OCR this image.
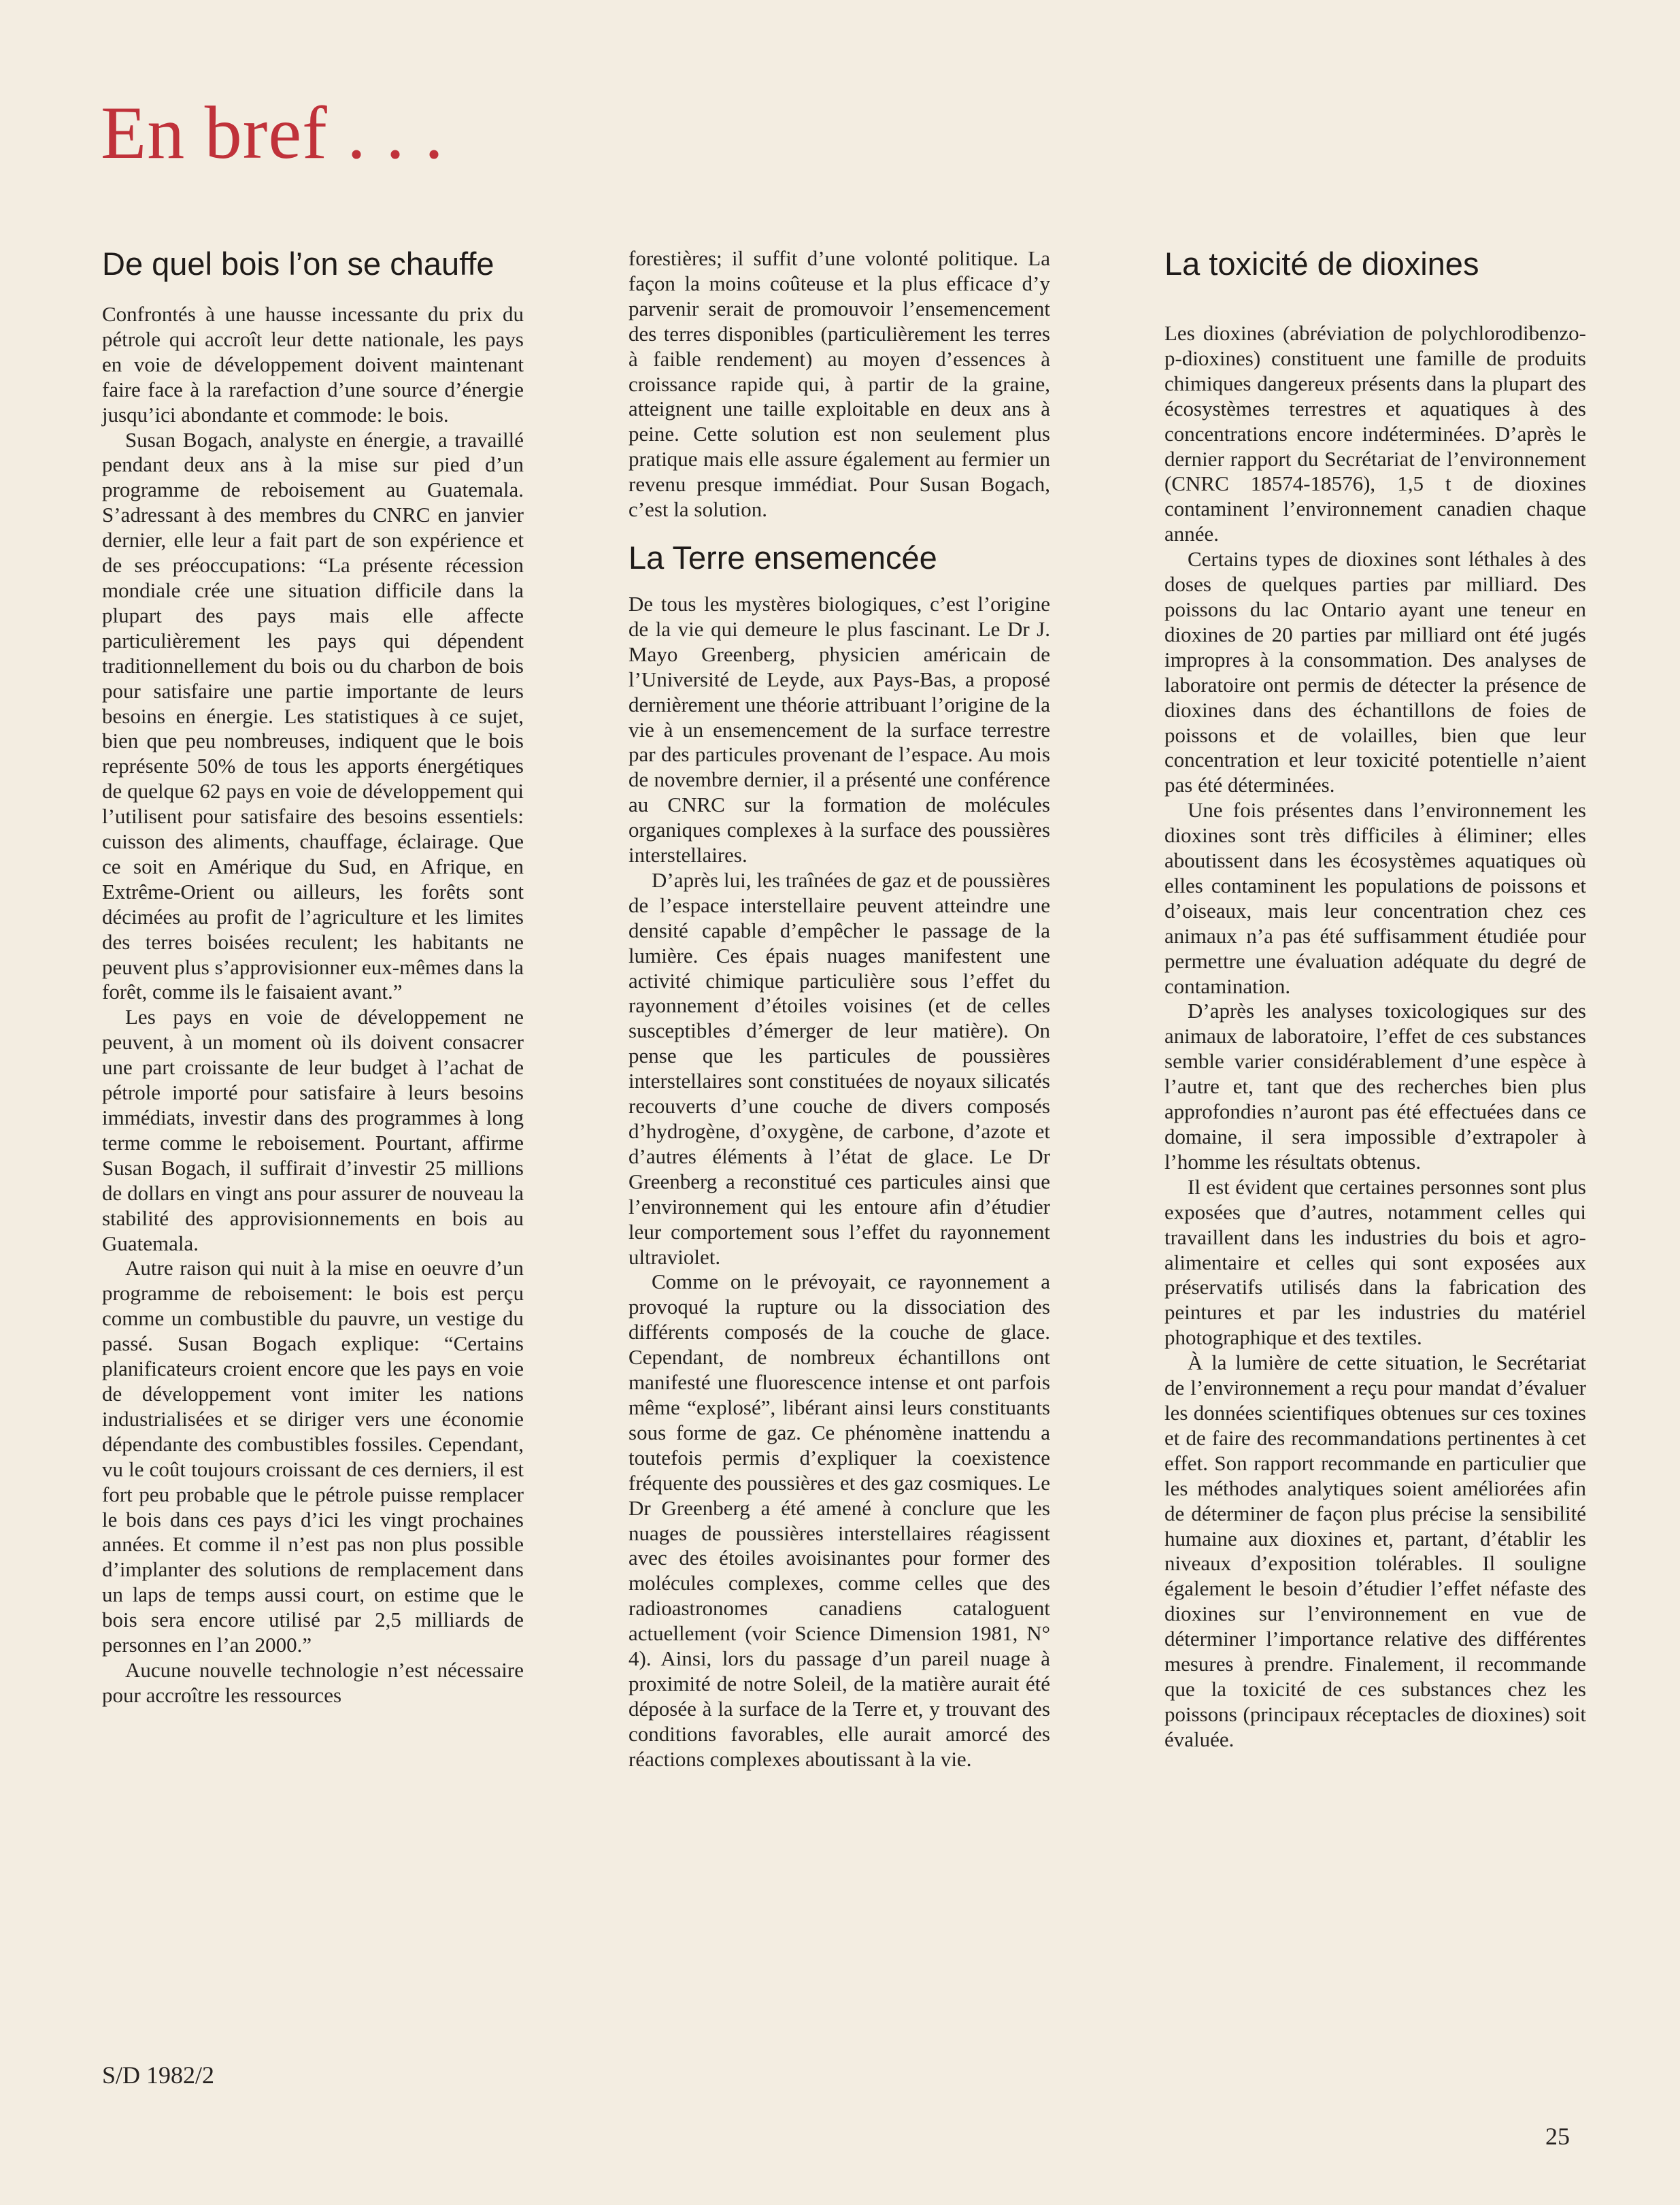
En bref . . .
De quel bois l’on se chauffe

Confrontés à une hausse incessante du prix du pétrole qui accroît leur dette nationale, les pays en voie de développement doivent maintenant faire face à la rarefaction d’une source d’énergie jusqu’ici abondante et commode: le bois.

Susan Bogach, analyste en énergie, a travaillé pendant deux ans à la mise sur pied d’un programme de reboisement au Guatemala. S’adressant à des membres du CNRC en janvier dernier, elle leur a fait part de son expérience et de ses préoccupations: “La présente récession mondiale crée une situation difficile dans la plupart des pays mais elle affecte particulièrement les pays qui dépendent traditionnellement du bois ou du charbon de bois pour satisfaire une partie importante de leurs besoins en énergie. Les statistiques à ce sujet, bien que peu nombreuses, indiquent que le bois représente 50% de tous les apports énergétiques de quelque 62 pays en voie de développement qui l’utilisent pour satisfaire des besoins essentiels: cuisson des aliments, chauffage, éclairage. Que ce soit en Amérique du Sud, en Afrique, en Extrême-Orient ou ailleurs, les forêts sont décimées au profit de l’agriculture et les limites des terres boisées reculent; les habitants ne peuvent plus s’approvisionner eux-mêmes dans la forêt, comme ils le faisaient avant.”

Les pays en voie de développement ne peuvent, à un moment où ils doivent consacrer une part croissante de leur budget à l’achat de pétrole importé pour satisfaire à leurs besoins immédiats, investir dans des programmes à long terme comme le reboisement. Pourtant, affirme Susan Bogach, il suffirait d’investir 25 millions de dollars en vingt ans pour assurer de nouveau la stabilité des approvisionnements en bois au Guatemala.

Autre raison qui nuit à la mise en oeuvre d’un programme de reboisement: le bois est perçu comme un combustible du pauvre, un vestige du passé. Susan Bogach explique: “Certains planificateurs croient encore que les pays en voie de développement vont imiter les nations industrialisées et se diriger vers une économie dépendante des combustibles fossiles. Cependant, vu le coût toujours croissant de ces derniers, il est fort peu probable que le pétrole puisse remplacer le bois dans ces pays d’ici les vingt prochaines années. Et comme il n’est pas non plus possible d’implanter des solutions de remplacement dans un laps de temps aussi court, on estime que le bois sera encore utilisé par 2,5 milliards de personnes en l’an 2000.”

Aucune nouvelle technologie n’est nécessaire pour accroître les ressources

forestières; il suffit d’une volonté politique. La façon la moins coûteuse et la plus efficace d’y parvenir serait de promouvoir l’ensemencement des terres disponibles (particulièrement les terres à faible rendement) au moyen d’essences à croissance rapide qui, à partir de la graine, atteignent une taille exploitable en deux ans à peine. Cette solution est non seulement plus pratique mais elle assure également au fermier un revenu presque immédiat. Pour Susan Bogach, c’est la solution.

La Terre ensemencée

De tous les mystères biologiques, c’est l’origine de la vie qui demeure le plus fascinant. Le Dr J. Mayo Greenberg, physicien américain de l’Université de Leyde, aux Pays-Bas, a proposé dernièrement une théorie attribuant l’origine de la vie à un ensemencement de la surface terrestre par des particules provenant de l’espace. Au mois de novembre dernier, il a présenté une conférence au CNRC sur la formation de molécules organiques complexes à la surface des poussières interstellaires.

D’après lui, les traînées de gaz et de poussières de l’espace interstellaire peuvent atteindre une densité capable d’empêcher le passage de la lumière. Ces épais nuages manifestent une activité chimique particulière sous l’effet du rayonnement d’étoiles voisines (et de celles susceptibles d’émerger de leur matière). On pense que les particules de poussières interstellaires sont constituées de noyaux silicatés recouverts d’une couche de divers composés d’hydrogène, d’oxygène, de carbone, d’azote et d’autres éléments à l’état de glace. Le Dr Greenberg a reconstitué ces particules ainsi que l’environnement qui les entoure afin d’étudier leur comportement sous l’effet du rayonnement ultraviolet.

Comme on le prévoyait, ce rayonnement a provoqué la rupture ou la dissociation des différents composés de la couche de glace. Cependant, de nombreux échantillons ont manifesté une fluorescence intense et ont parfois même “explosé”, libérant ainsi leurs constituants sous forme de gaz. Ce phénomène inattendu a toutefois permis d’expliquer la coexistence fréquente des poussières et des gaz cosmiques. Le Dr Greenberg a été amené à conclure que les nuages de poussières interstellaires réagissent avec des étoiles avoisinantes pour former des molécules complexes, comme celles que des radioastronomes canadiens catalоguent actuellement (voir Science Dimension 1981, N° 4). Ainsi, lors du passage d’un pareil nuage à proximité de notre Soleil, de la matière aurait été déposée à la surface de la Terre et, y trouvant des conditions favorables, elle aurait amorcé des réactions complexes aboutissant à la vie.

La toxicité de dioxines

Les dioxines (abréviation de polychlorodibenzo-p-dioxines) constituent une famille de produits chimiques dangereux présents dans la plupart des écosystèmes terrestres et aquatiques à des concentrations encore indéterminées. D’après le dernier rapport du Secrétariat de l’environnement (CNRC 18574-18576), 1,5 t de dioxines contaminent l’environnement canadien chaque année.

Certains types de dioxines sont léthales à des doses de quelques parties par milliard. Des poissons du lac Ontario ayant une teneur en dioxines de 20 parties par milliard ont été jugés impropres à la consommation. Des analyses de laboratoire ont permis de détecter la présence de dioxines dans des échantillons de foies de poissons et de volailles, bien que leur concentration et leur toxicité potentielle n’aient pas été déterminées.

Une fois présentes dans l’environnement les dioxines sont très difficiles à éliminer; elles aboutissent dans les écosystèmes aquatiques où elles contaminent les populations de poissons et d’oiseaux, mais leur concentration chez ces animaux n’a pas été suffisamment étudiée pour permettre une évaluation adéquate du degré de contamination.

D’après les analyses toxicologiques sur des animaux de laboratoire, l’effet de ces substances semble varier considérablement d’une espèce à l’autre et, tant que des recherches bien plus approfondies n’auront pas été effectuées dans ce domaine, il sera impossible d’extrapoler à l’homme les résultats obtenus.

Il est évident que certaines personnes sont plus exposées que d’autres, notamment celles qui travaillent dans les industries du bois et agro-alimentaire et celles qui sont exposées aux préservatifs utilisés dans la fabrication des peintures et par les industries du matériel photographique et des textiles.

À la lumière de cette situation, le Secrétariat de l’environnement a reçu pour mandat d’évaluer les données scientifiques obtenues sur ces toxines et de faire des recommandations pertinentes à cet effet. Son rapport recommande en particulier que les méthodes analytiques soient améliorées afin de déterminer de façon plus précise la sensibilité humaine aux dioxines et, partant, d’établir les niveaux d’exposition tolérables. Il souligne également le besoin d’étudier l’effet néfaste des dioxines sur l’environnement en vue de déterminer l’importance relative des différentes mesures à prendre. Finalement, il recommande que la toxicité de ces substances chez les poissons (principaux réceptacles de dioxines) soit évaluée.

S/D 1982/2
25
